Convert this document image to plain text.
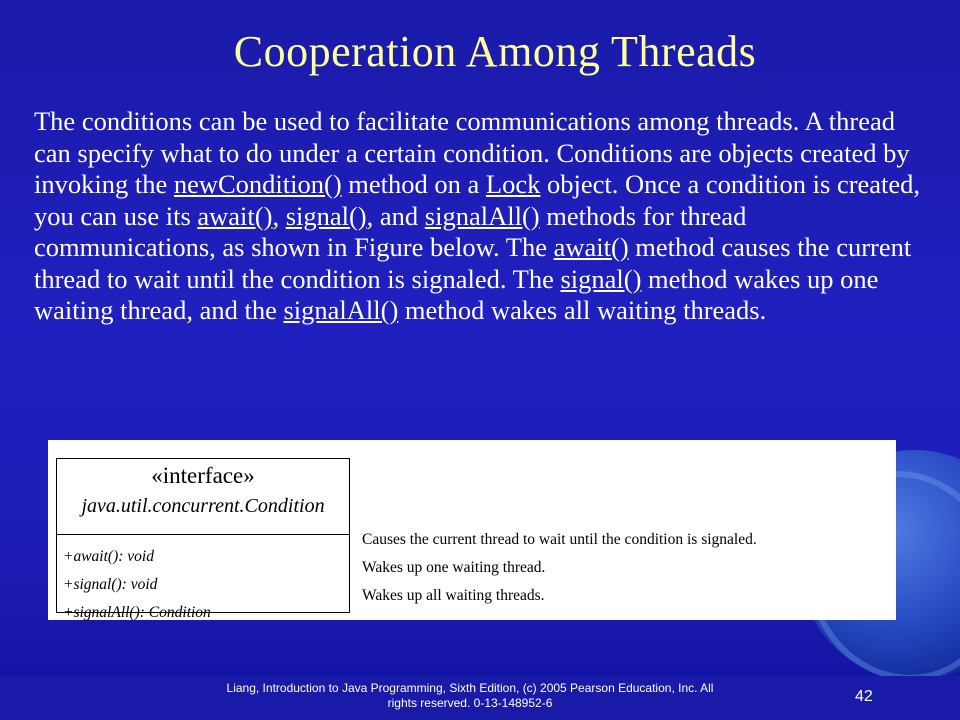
Cooperation Among Threads
The conditions can be used to facilitate communications among threads. A thread can specify what to do under a certain condition. Conditions are objects created by invoking the newCondition() method on a Lock object. Once a condition is created, you can use its await(), signal(), and signalAll() methods for thread communications, as shown in Figure below. The await() method causes the current thread to wait until the condition is signaled. The signal() method wakes up one waiting thread, and the signalAll() method wakes all waiting threads.
«interface»
java.util.concurrent.Condition
+await(): void
+signal(): void
+signalAll(): Condition
Causes the current thread to wait until the condition is signaled.
Wakes up one waiting thread.
Wakes up all waiting threads.
Liang, Introduction to Java Programming, Sixth Edition, (c) 2005 Pearson Education, Inc. All
rights reserved. 0-13-148952-6	42
